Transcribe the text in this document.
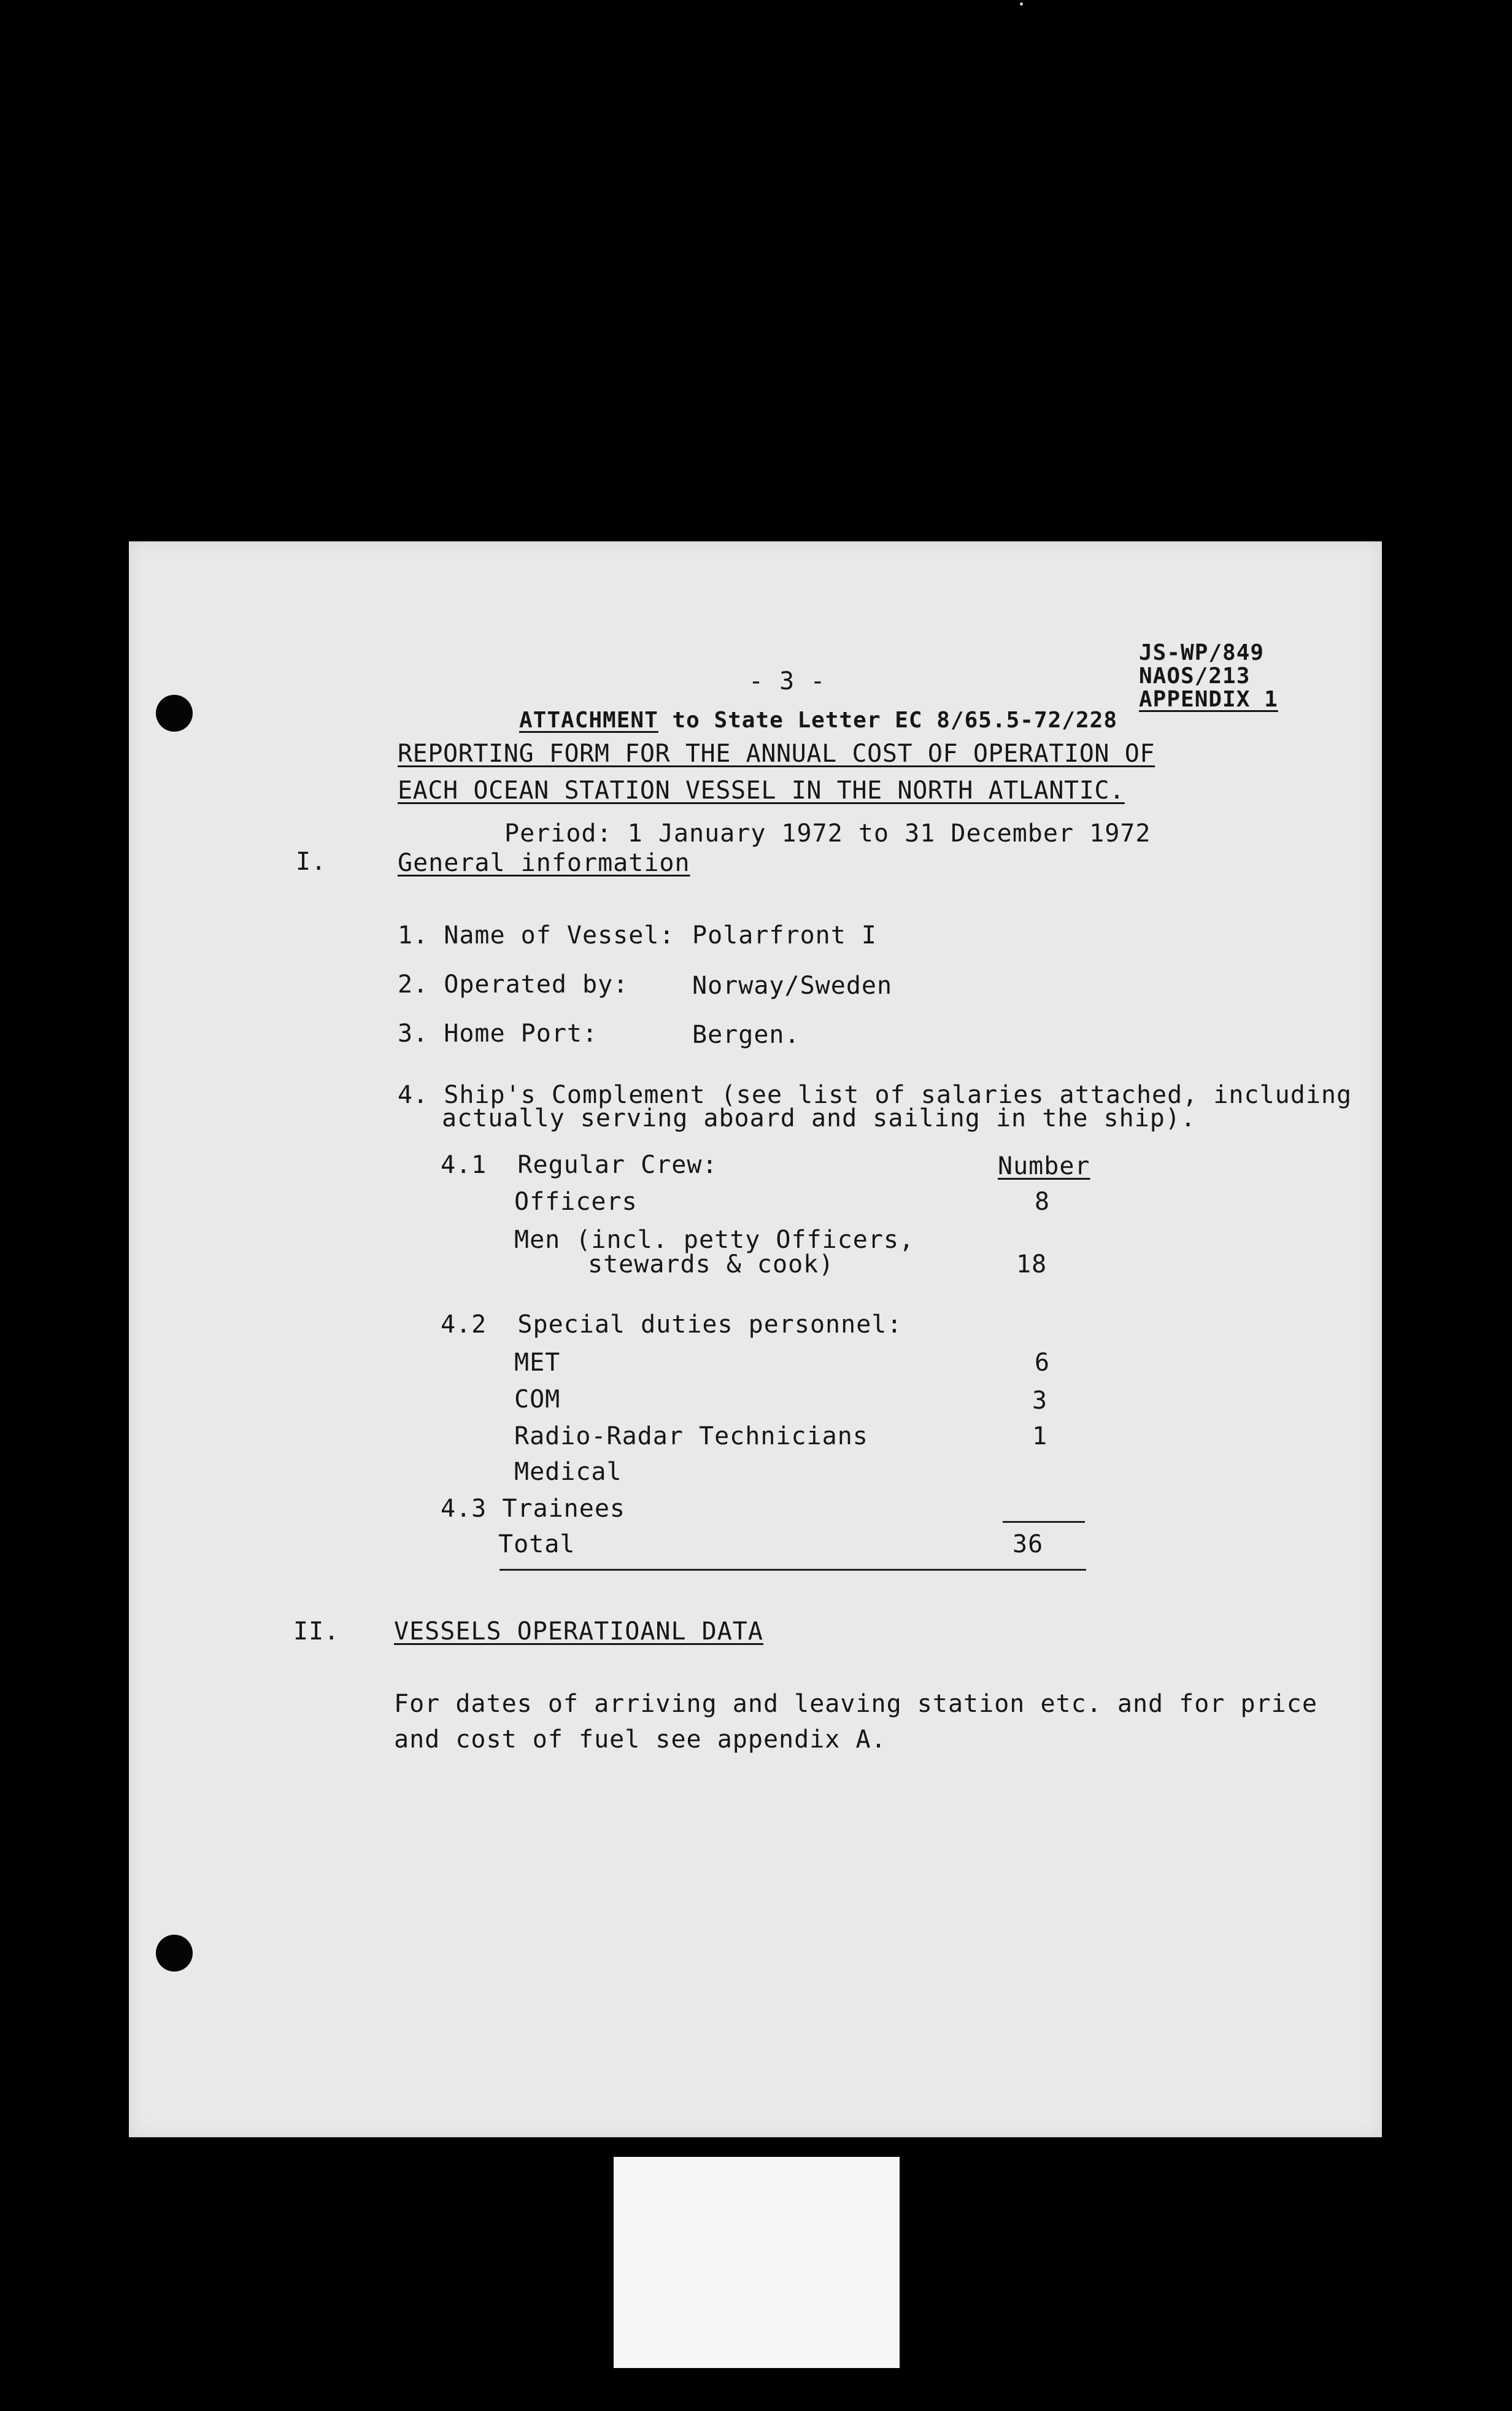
JS-WP/849
NAOS/213
APPENDIX 1
- 3 -
ATTACHMENT to State Letter EC 8/65.5-72/228
REPORTING FORM FOR THE ANNUAL COST OF OPERATION OF
EACH OCEAN STATION VESSEL IN THE NORTH ATLANTIC.
Period: 1 January 1972 to 31 December 1972
I.	General information
1. Name of Vessel: Polarfront I
2. Operated by:	Norway/Sweden
3. Home Port:	Bergen.
4. Ship's Complement (see list of salaries attached, including
actually serving aboard and sailing in the ship).
4.1  Regular Crew:	Number
Officers	8
Men (incl. petty Officers,
stewards & cook)	18
4.2  Special duties personnel:
MET	6
COM	3
Radio-Radar Technicians	1
Medical
4.3 Trainees
Total	36
II. VESSELS OPERATIOANL DATA
For dates of arriving and leaving station etc. and for price
and cost of fuel see appendix A.
